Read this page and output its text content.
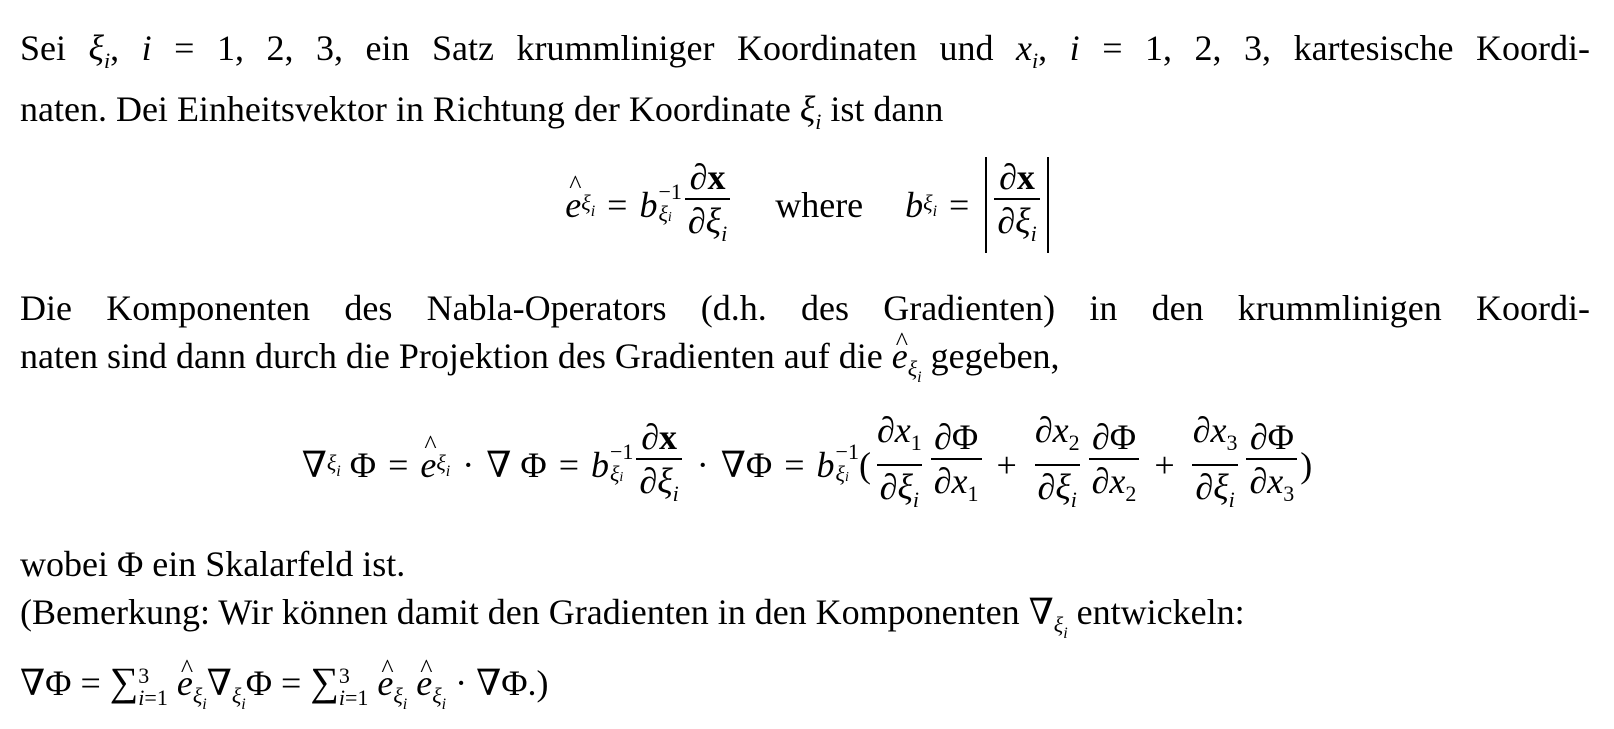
Sei $\xi_i$, i = 1, 2, 3, ein Satz krummliniger Koordinaten und $x_i$, i = 1, 2, 3, kartesische Koordi-
naten. Dei Einheitsvektor in Richtung der Koordinate $\xi_i$ ist dann
^ e $\xi_i = b -1$
ξi $\frac{\partial x}{\partial\xi_i}$ where b $\xi_i = \frac{\partial x}{\partial\xi_i}$
Die Komponenten des Nabla-Operators (d.h. des Gradienten) in den krummlinigen Koordi-
naten sind dann durch die Projektion des Gradienten auf die ^ $e_{\xi_i}$ gegeben,
∇ $\xi_i$ Φ = ^ e $\xi_i$ · ∇ Φ = b −1
ξi $\frac{\partial x}{\partial\xi_i} \cdot \nabla\Phi = b -1$
ξi ( $\frac{\partial x_1}{\partial\xi_i} \frac{\partial\Phi}{\partial x_1} + \frac{\partial x_2}{\partial\xi_i} \frac{\partial\Phi}{\partial x_2} + \frac{\partial x_3}{\partial\xi_i} \frac{\partial\Phi}{\partial x_3}$ )
wobei Φ ein Skalarfeld ist.
(Bemerkung: Wir können damit den Gradienten in den Komponenten $\nabla_{\xi_i}$ entwickeln:
∇Φ = ∑ 3
i=1 ^ $e_{\xi_i}\nabla_{\xi_i}\Phi$ = ∑ 3
i=1 ^ $e_{\xi_i}$ ^ $e_{\xi_i} \cdot \nabla\Phi$.)
